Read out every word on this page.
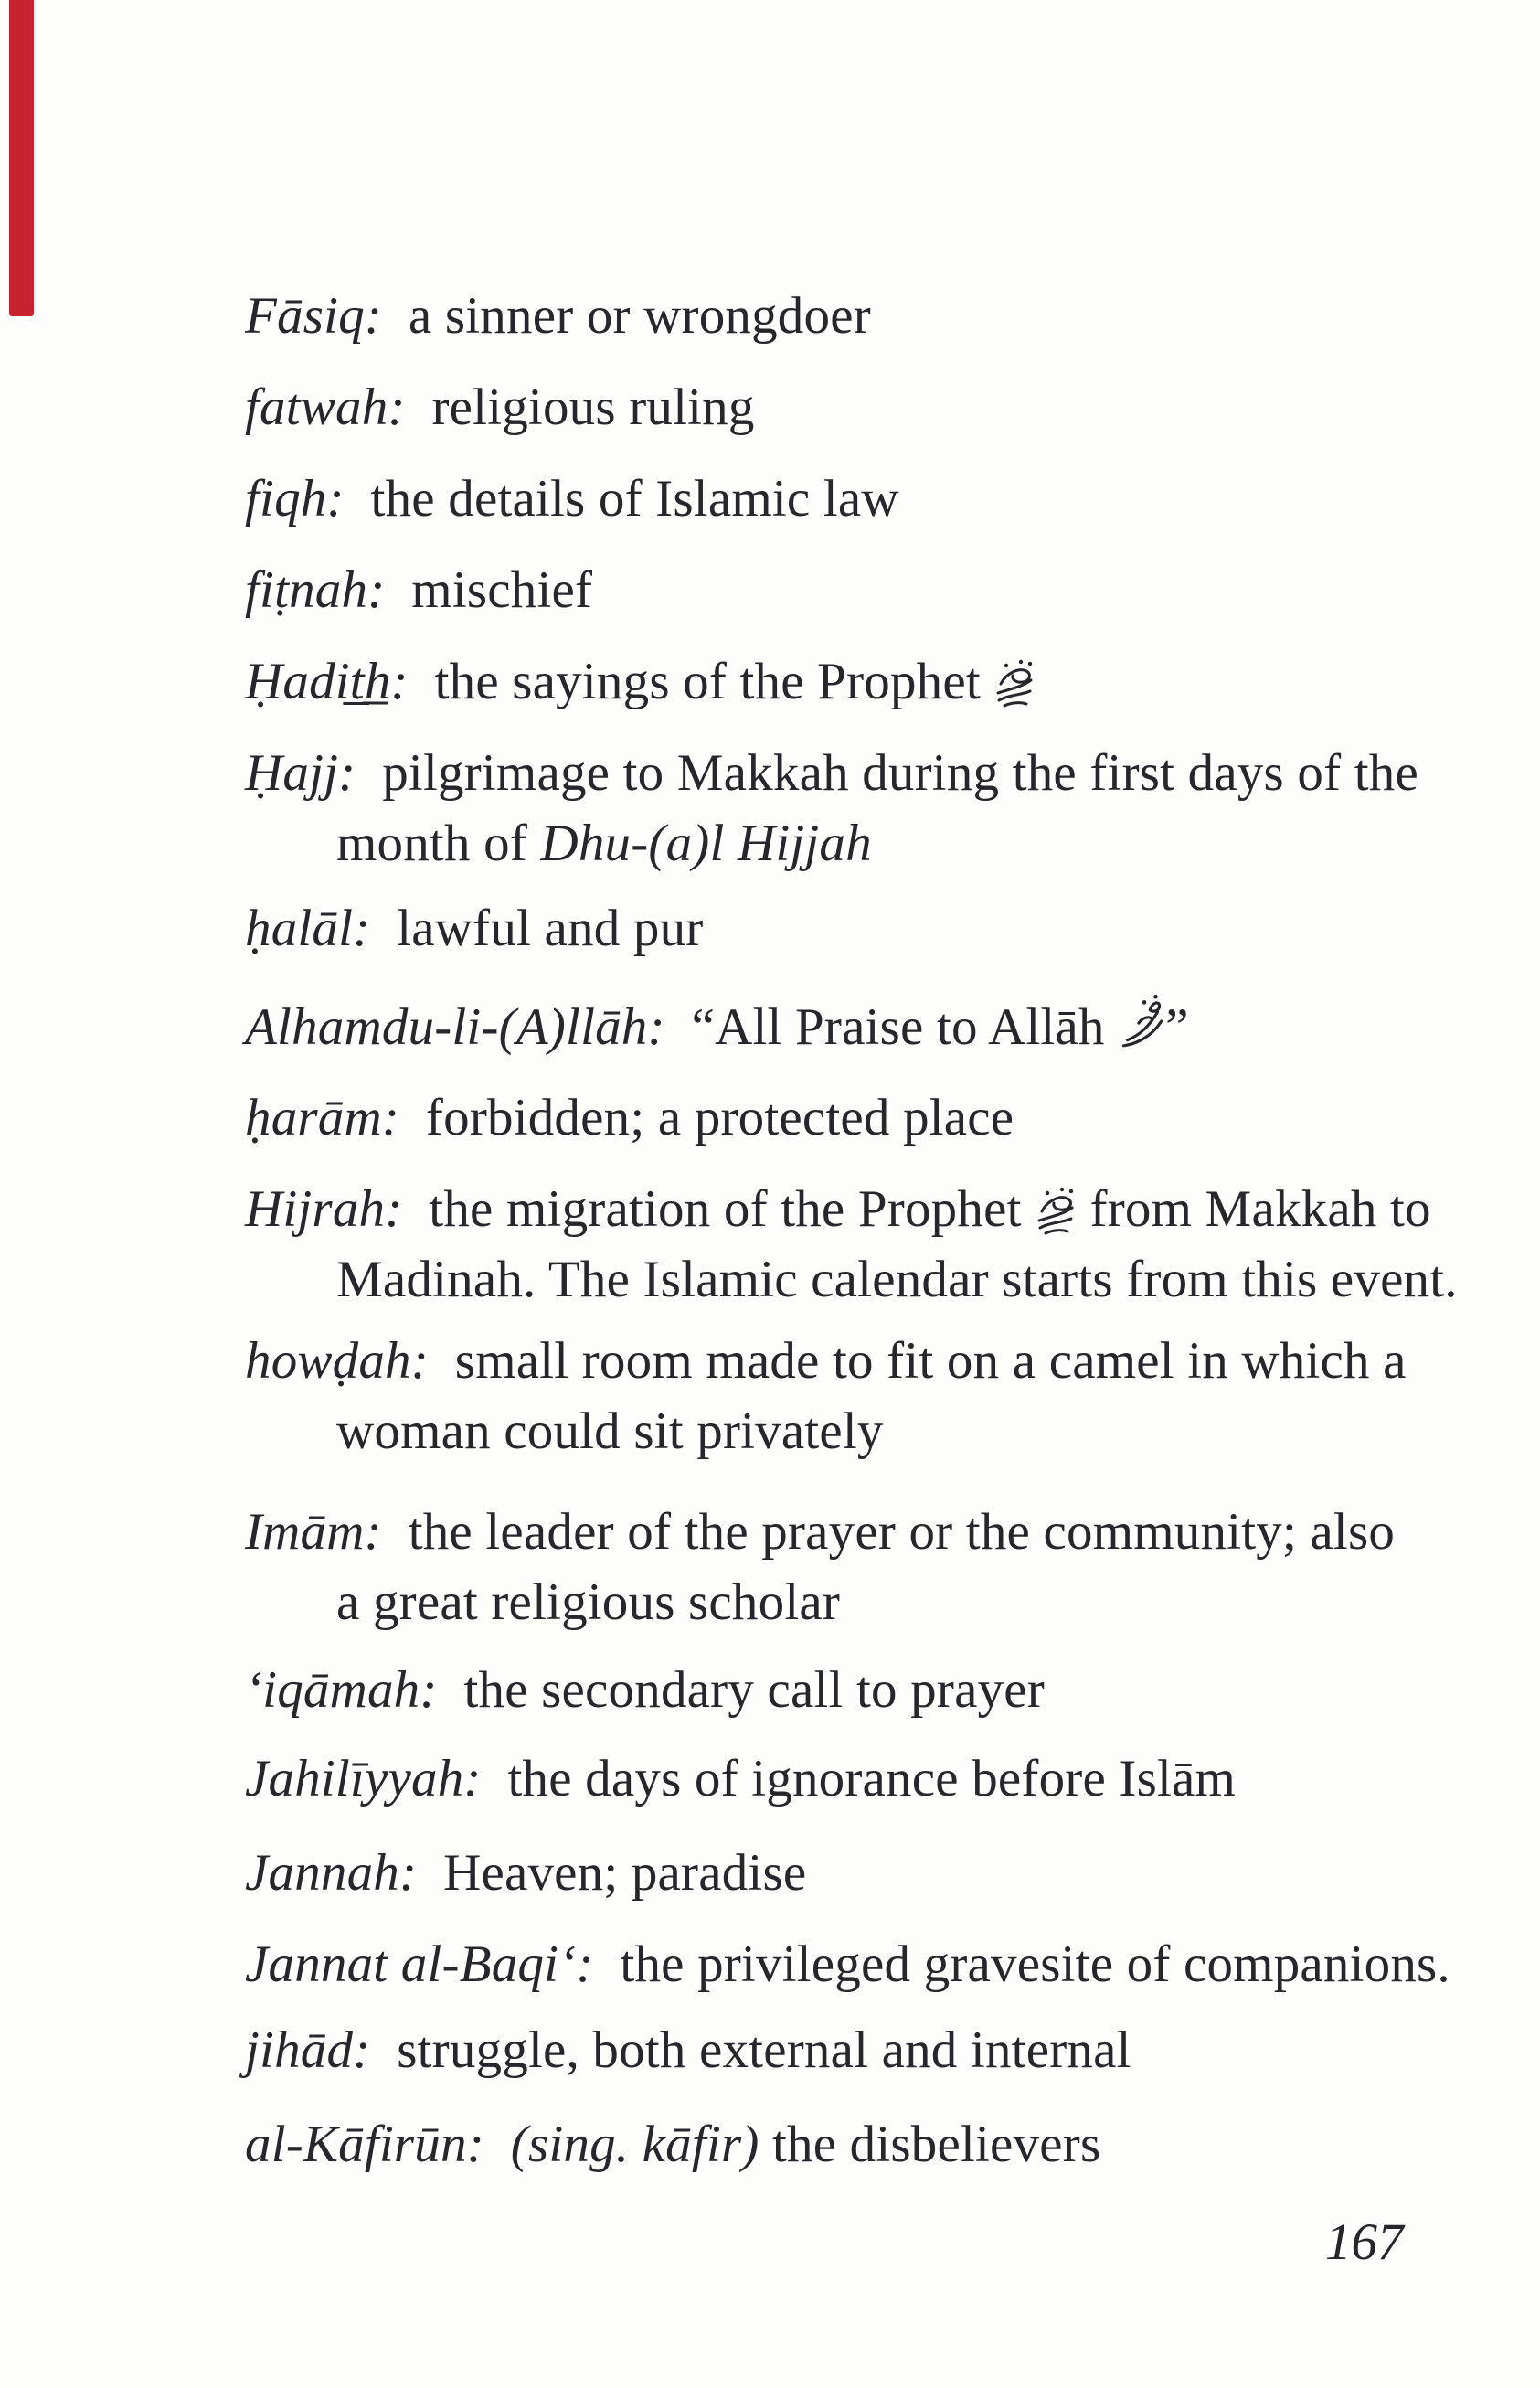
Fāsiq:  a sinner or wrongdoer
fatwah:  religious ruling
fiqh:  the details of Islamic law
fiṭnah:  mischief
Ḥadit̲h̲:  the sayings of the Prophet
Ḥajj:  pilgrimage to Makkah during the first days of the
month of Dhu-(a)l Hijjah
ḥalāl:  lawful and pur
Alhamdu-li-(A)llāh:  “All Praise to Allāh ”
ḥarām:  forbidden; a protected place
Hijrah:  the migration of the Prophet  from Makkah to
Madinah. The Islamic calendar starts from this event.
howḍah:  small room made to fit on a camel in which a
woman could sit privately
Imām:  the leader of the prayer or the community; also
a great religious scholar
‘iqāmah:  the secondary call to prayer
Jahilīyyah:  the days of ignorance before Islām
Jannah:  Heaven; paradise
Jannat al-Baqi‘:  the privileged gravesite of companions.
jihād:  struggle, both external and internal
al-Kāfirūn: (sing. kāfir) the disbelievers
167
